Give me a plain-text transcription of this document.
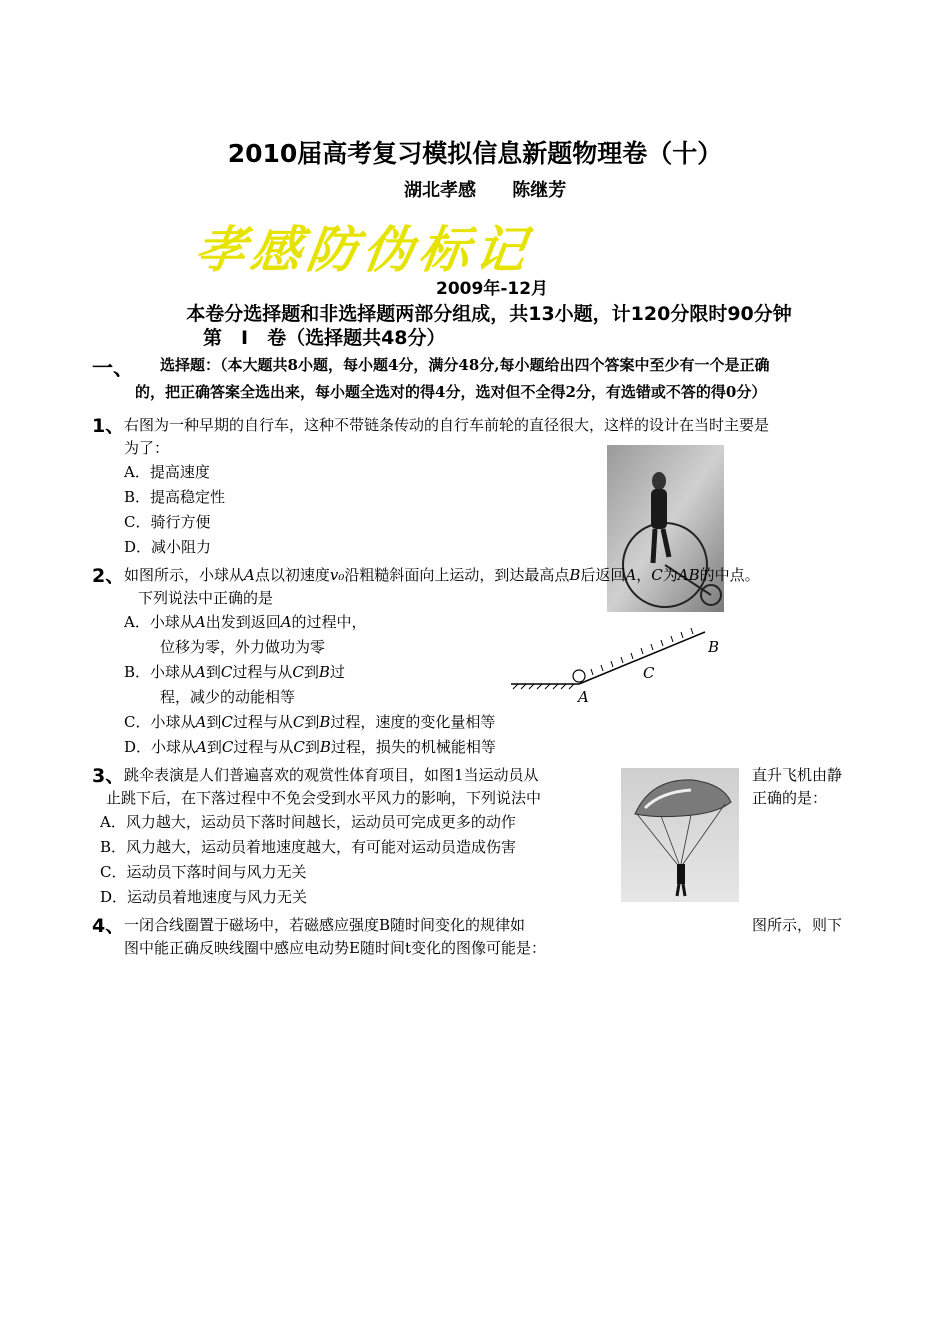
2010届高考复习模拟信息新题物理卷（十）
湖北孝感 陈继芳
孝感防伪标记
2009年-12月
本卷分选择题和非选择题两部分组成，共13小题，计120分限时90分钟
第　Ⅰ　卷（选择题共48分）
一、 选择题：（本大题共8小题，每小题4分，满分48分,每小题给出四个答案中至少有一个是正确
的，把正确答案全选出来，每小题全选对的得4分，选对但不全得2分，有选错或不答的得0分）
1、 右图为一种早期的自行车，这种不带链条传动的自行车前轮的直径很大，这样的设计在当时主要是
为了：
A．提高速度
B．提高稳定性
C．骑行方便
D．减小阻力
2、 如图所示，小球从A点以初速度v₀沿粗糙斜面向上运动，到达最高点B后返回A，C为AB的中点。
下列说法中正确的是
A．小球从A出发到返回A的过程中，
位移为零，外力做功为零
B．小球从A到C过程与从C到B过
程，减少的动能相等
C．小球从A到C过程与从C到B过程，速度的变化量相等
D．小球从A到C过程与从C到B过程，损失的机械能相等
A
C
B
3、 跳伞表演是人们普遍喜欢的观赏性体育项目，如图1当运动员从	直升飞机由静
止跳下后，在下落过程中不免会受到水平风力的影响，下列说法中	正确的是：
A．风力越大，运动员下落时间越长，运动员可完成更多的动作
B．风力越大，运动员着地速度越大，有可能对运动员造成伤害
C．运动员下落时间与风力无关
D．运动员着地速度与风力无关
4、 一闭合线圈置于磁场中，若磁感应强度B随时间变化的规律如	图所示，则下
图中能正确反映线圈中感应电动势E随时间t变化的图像可能是：
